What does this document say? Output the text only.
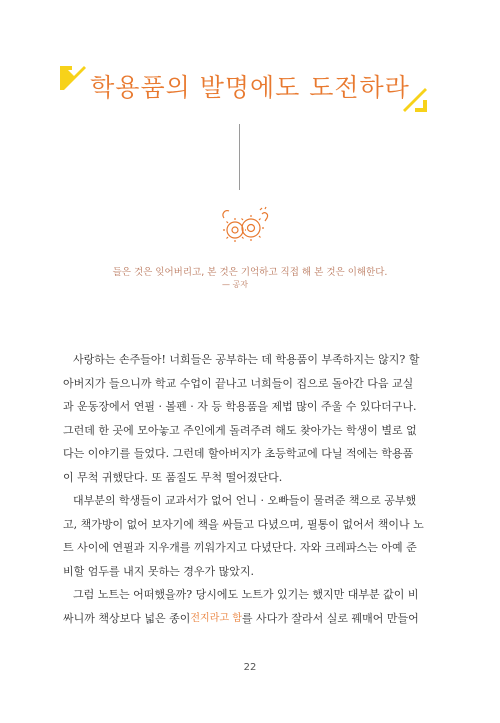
학용품의 발명에도 도전하라
들은 것은 잊어버리고, 본 것은 기억하고 직접 해 본 것은 이해한다.
— 공자
사랑하는 손주들아! 너희들은 공부하는 데 학용품이 부족하지는 않지? 할
아버지가 들으니까 학교 수업이 끝나고 너희들이 집으로 돌아간 다음 교실
과 운동장에서 연필 · 볼펜 · 자 등 학용품을 제법 많이 주울 수 있다더구나.
그런데 한 곳에 모아놓고 주인에게 돌려주려 해도 찾아가는 학생이 별로 없
다는 이야기를 들었다. 그런데 할아버지가 초등학교에 다닐 적에는 학용품
이 무척 귀했단다. 또 품질도 무척 떨어졌단다.
대부분의 학생들이 교과서가 없어 언니 · 오빠들이 물려준 책으로 공부했
고, 책가방이 없어 보자기에 책을 싸들고 다녔으며, 필통이 없어서 책이나 노
트 사이에 연필과 지우개를 끼워가지고 다녔단다. 자와 크레파스는 아예 준
비할 엄두를 내지 못하는 경우가 많았지.
그럼 노트는 어떠했을까? 당시에도 노트가 있기는 했지만 대부분 값이 비
싸니까 책상보다 넓은 종이 전지라고 함 를 사다가 잘라서 실로 꿰매어 만들어
22
